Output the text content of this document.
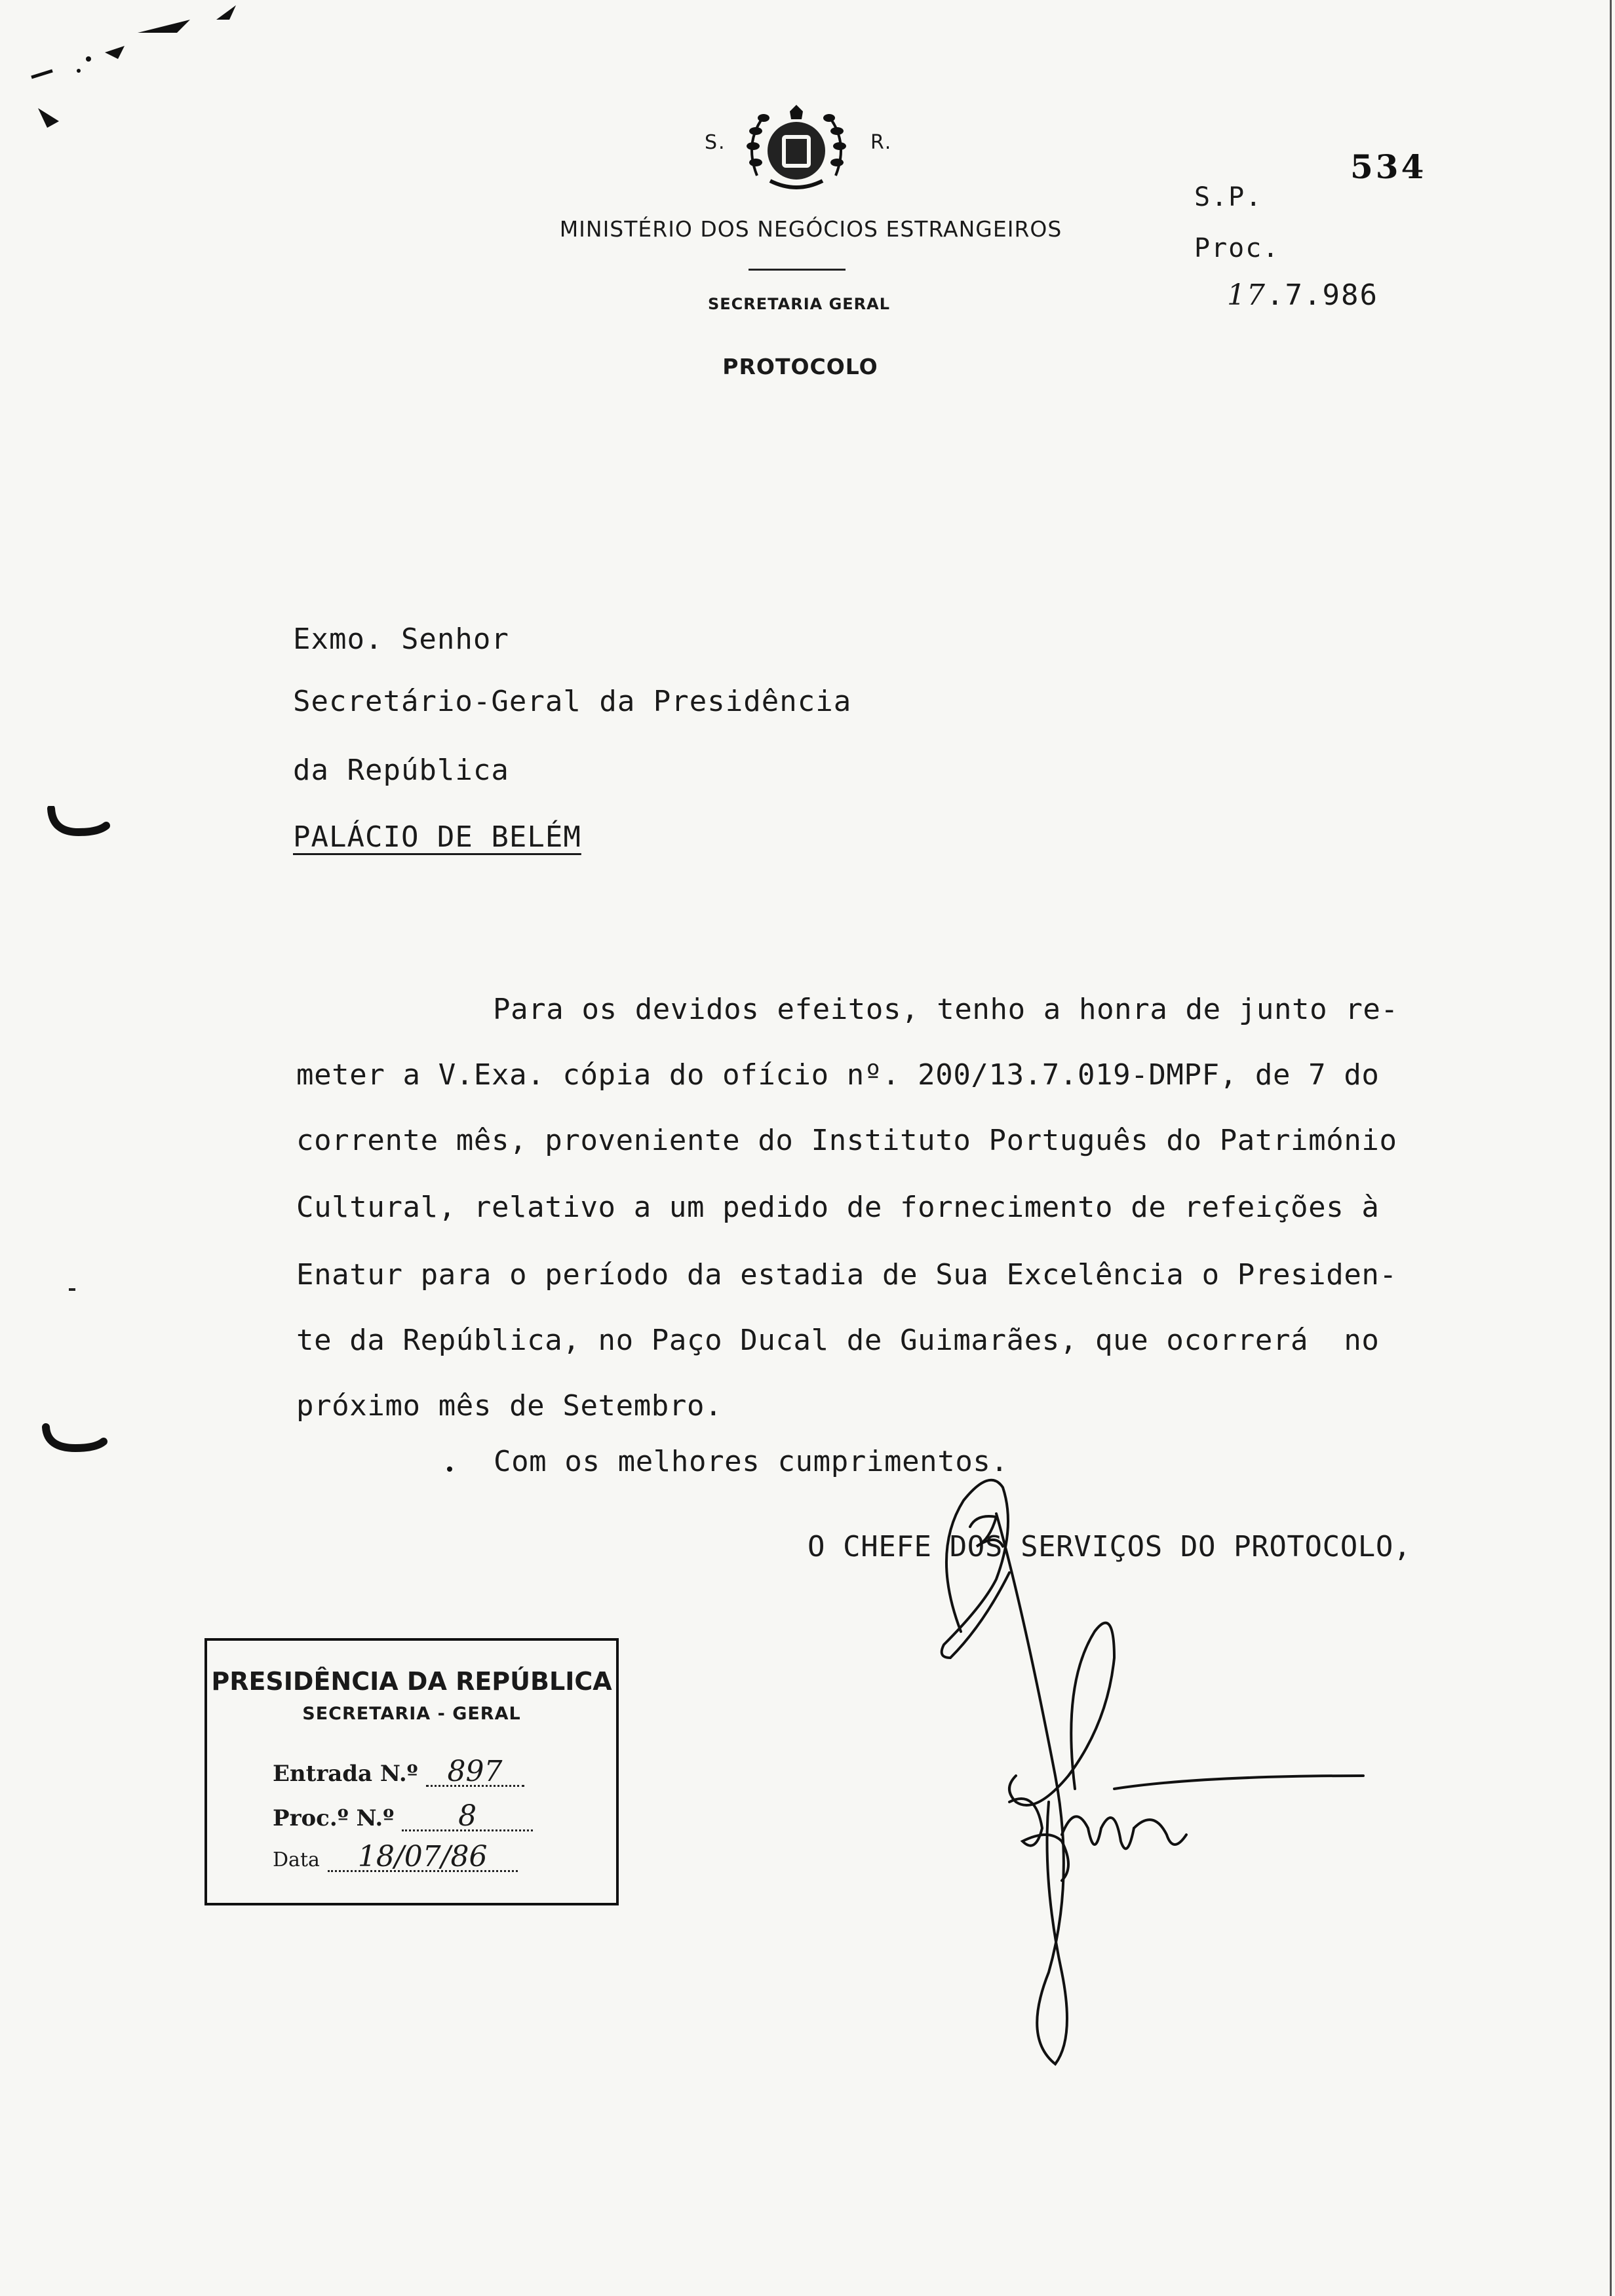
S.	R.
MINISTÉRIO DOS NEGÓCIOS ESTRANGEIROS
SECRETARIA GERAL
PROTOCOLO
534
S.P.
Proc.
17.7.986
Exmo. Senhor
Secretário-Geral da Presidência
da República
PALÁCIO DE BELÉM
Para os devidos efeitos, tenho a honra de junto re-
meter a V.Exa. cópia do ofício nº. 200/13.7.019-DMPF, de 7 do
corrente mês, proveniente do Instituto Português do Património
Cultural, relativo a um pedido de fornecimento de refeições à
Enatur para o período da estadia de Sua Excelência o Presiden-
te da República, no Paço Ducal de Guimarães, que ocorrerá  no
próximo mês de Setembro.
Com os melhores cumprimentos.
O CHEFE DOS SERVIÇOS DO PROTOCOLO,
PRESIDÊNCIA DA REPÚBLICA
SECRETARIA - GERAL
Entrada N.º 897
Proc.º N.º 8
Data 18/07/86
